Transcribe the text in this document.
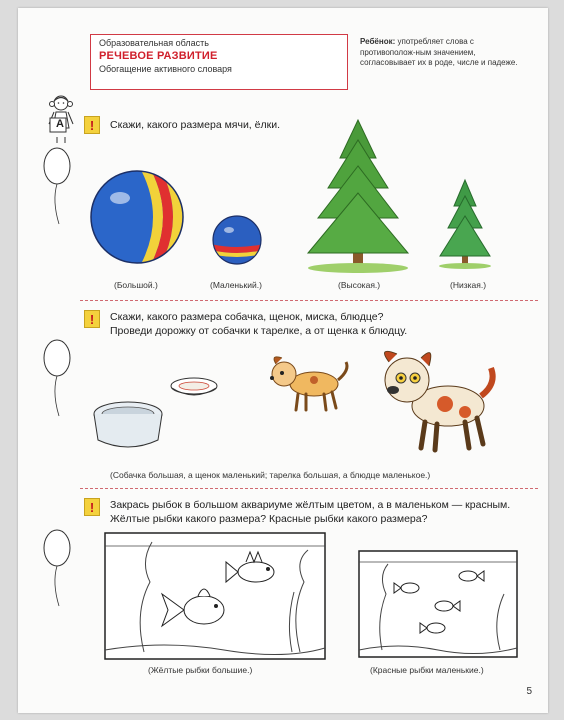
Образовательная область
РЕЧЕВОЕ РАЗВИТИЕ
Обогащение активного словаря
Ребёнок: употребляет слова с противополож-ным значением, согласовывает их в роде, числе и падеже.
А	!	Скажи, какого размера мячи, ёлки.
(Большой.)	(Маленький.)	(Высокая.)	(Низкая.)
!	Скажи, какого размера собачка, щенок, миска, блюдце?
Проведи дорожку от собачки к тарелке, а от щенка к блюдцу.
(Собачка большая, а щенок маленький; тарелка большая, а блюдце маленькое.)
!	Закрась рыбок в большом аквариуме жёлтым цветом, а в маленьком — красным.
Жёлтые рыбки какого размера? Красные рыбки какого размера?
(Жёлтые рыбки большие.)	(Красные рыбки маленькие.)
5
